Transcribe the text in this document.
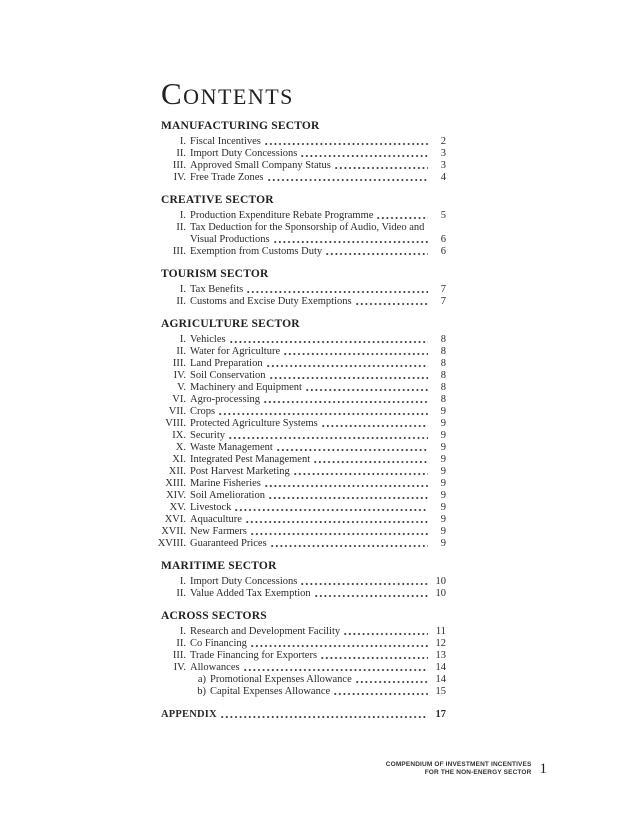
Contents
MANUFACTURING SECTOR
I. Fiscal Incentives	2
II. Import Duty Concessions	3
III. Approved Small Company Status	3
IV. Free Trade Zones	4
CREATIVE SECTOR
I. Production Expenditure Rebate Programme	5
II. Tax Deduction for the Sponsorship of Audio, Video and
Visual Productions	6
III. Exemption from Customs Duty	6
TOURISM SECTOR
I. Tax Benefits	7
II. Customs and Excise Duty Exemptions	7
AGRICULTURE SECTOR
I. Vehicles	8
II. Water for Agriculture	8
III. Land Preparation	8
IV. Soil Conservation	8
V. Machinery and Equipment	8
VI. Agro-processing	8
VII. Crops	9
VIII. Protected Agriculture Systems	9
IX. Security	9
X. Waste Management	9
XI. Integrated Pest Management	9
XII. Post Harvest Marketing	9
XIII. Marine Fisheries	9
XIV. Soil Amelioration	9
XV. Livestock	9
XVI. Aquaculture	9
XVII. New Farmers	9
XVIII. Guaranteed Prices	9
MARITIME SECTOR
I. Import Duty Concessions	10
II. Value Added Tax Exemption	10
ACROSS SECTORS
I. Research and Development Facility	11
II. Co Financing	12
III. Trade Financing for Exporters	13
IV. Allowances	14
a) Promotional Expenses Allowance	14
b) Capital Expenses Allowance	15
APPENDIX	17
COMPENDIUM OF INVESTMENT INCENTIVES
FOR THE NON-ENERGY SECTOR 1
